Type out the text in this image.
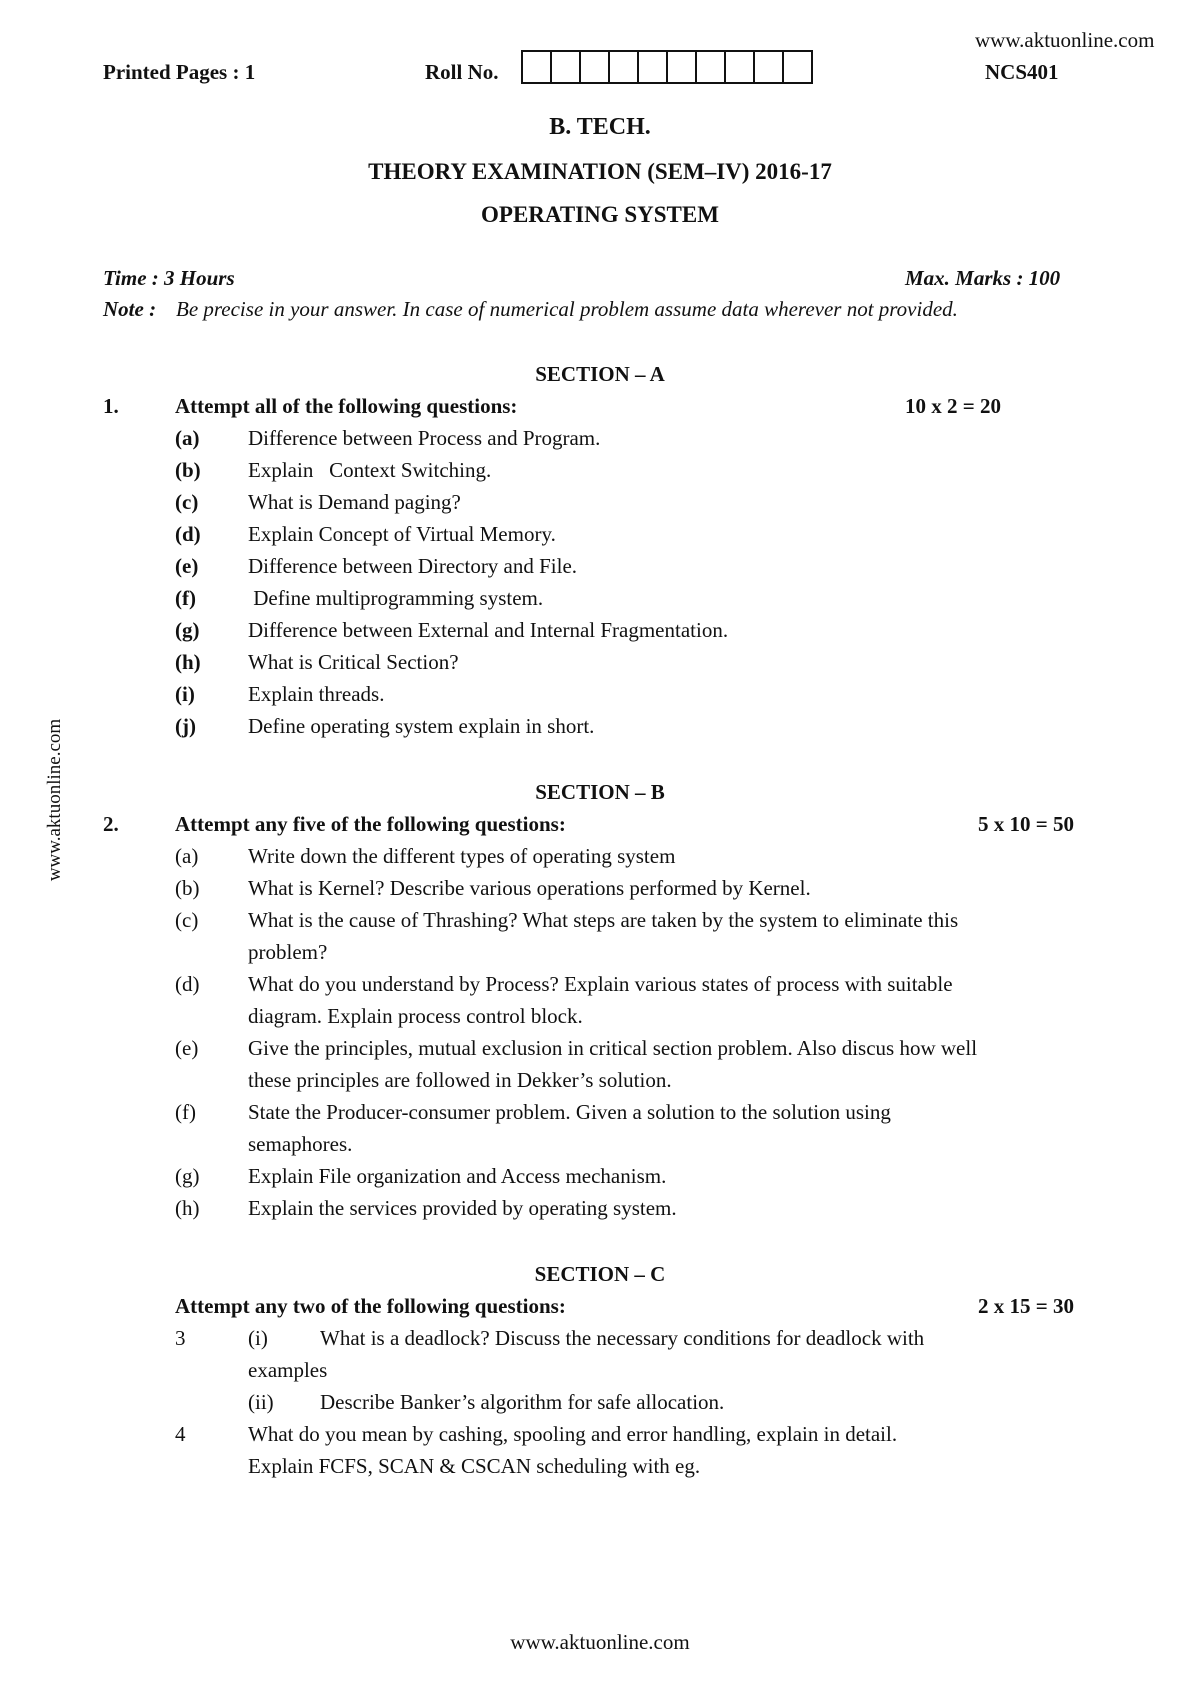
www.aktuonline.com
Printed Pages : 1	Roll No.	NCS401
B. TECH.
THEORY EXAMINATION (SEM–IV) 2016-17
OPERATING SYSTEM
Time : 3 Hours	Max. Marks : 100
Note : Be precise in your answer. In case of numerical problem assume data wherever not provided.
www.aktuonline.com
SECTION – A
1.	Attempt all of the following questions:	10 x 2 = 20
(a) Difference between Process and Program.
(b) Explain   Context Switching.
(c) What is Demand paging?
(d) Explain Concept of Virtual Memory.
(e) Difference between Directory and File.
(f) Define multiprogramming system.
(g) Difference between External and Internal Fragmentation.
(h) What is Critical Section?
(i)	Explain threads.
(j) Define operating system explain in short.
SECTION – B
2.	Attempt any five of the following questions:	5 x 10 = 50
(a) Write down the different types of operating system
(b) What is Kernel? Describe various operations performed by Kernel.
(c) What is the cause of Thrashing? What steps are taken by the system to eliminate this
problem?
(d) What do you understand by Process? Explain various states of process with suitable
diagram. Explain process control block.
(e) Give the principles, mutual exclusion in critical section problem. Also discus how well
these principles are followed in Dekker’s solution.
(f) State the Producer-consumer problem. Given a solution to the solution using
semaphores.
(g) Explain File organization and Access mechanism.
(h) Explain the services provided by operating system.
SECTION – C
Attempt any two of the following questions:	2 x 15 = 30
3	(i) What is a deadlock? Discuss the necessary conditions for deadlock with
examples
(ii) Describe Banker’s algorithm for safe allocation.
4	What do you mean by cashing, spooling and error handling, explain in detail.
Explain FCFS, SCAN & CSCAN scheduling with eg.
www.aktuonline.com
